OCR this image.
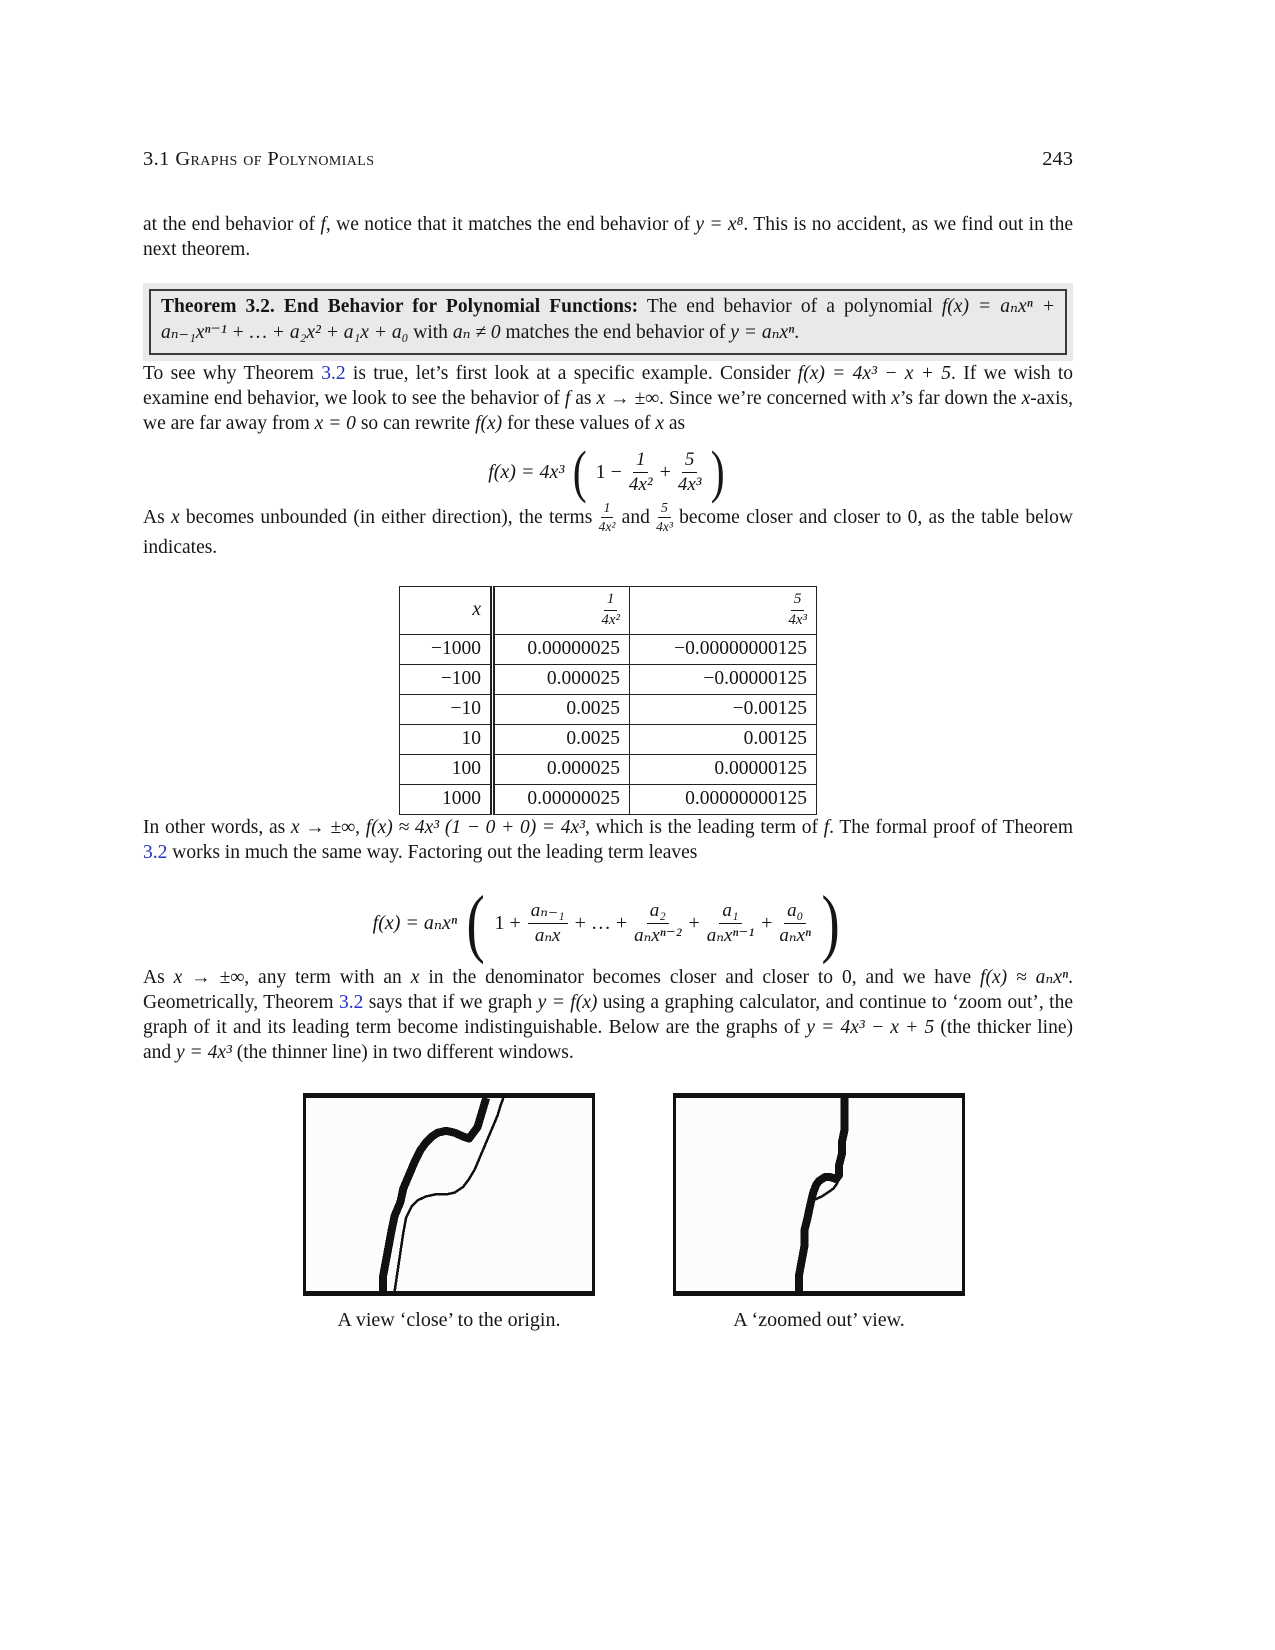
3.1 Graphs of Polynomials	243

at the end behavior of f, we notice that it matches the end behavior of y = x⁸. This is no accident, as we find out in the next theorem.

Theorem 3.2. End Behavior for Polynomial Functions: The end behavior of a polynomial f(x) = aₙxⁿ + aₙ₋₁xⁿ⁻¹ + … + a₂x² + a₁x + a₀ with aₙ ≠ 0 matches the end behavior of y = aₙxⁿ.

To see why Theorem 3.2 is true, let’s first look at a specific example. Consider f(x) = 4x³ − x + 5. If we wish to examine end behavior, we look to see the behavior of f as x → ±∞. Since we’re concerned with x’s far down the x-axis, we are far away from x = 0 so can rewrite f(x) for these values of x as

f(x) = 4x³ ( $1 - \frac{1}{\text{4x²}} + \frac{5}{\text{4x³}}$ )

As x becomes unbounded (in either direction), the terms $\frac{1}{\text{4x²}}$ and $\frac{5}{\text{4x³}}$ become closer and closer to 0, as the table below indicates.

x	$\frac{1}{\text{4x²}}$	$\frac{5}{\text{4x³}}$

−1000	0.00000025	−0.00000000125
−100	0.000025	−0.00000125
−10	0.0025	−0.00125
10	0.0025	0.00125
100	0.000025	0.00000125
1000	0.00000025	0.00000000125

In other words, as x → ±∞, f(x) ≈ 4x³ (1 − 0 + 0) = 4x³, which is the leading term of f. The formal proof of Theorem 3.2 works in much the same way. Factoring out the leading term leaves

f(x) = aₙxⁿ ( $1 + \frac{\text{aₙ₋₁}}{\text{aₙx}}$ + … + $\frac{\text{a₂}}{\text{aₙxⁿ⁻²}} + \frac{\text{a₁}}{\text{aₙxⁿ⁻¹}} + \frac{\text{a₀}}{\text{aₙxⁿ}}$ )

As x → ±∞, any term with an x in the denominator becomes closer and closer to 0, and we have f(x) ≈ aₙxⁿ. Geometrically, Theorem 3.2 says that if we graph y = f(x) using a graphing calculator, and continue to ‘zoom out’, the graph of it and its leading term become indistinguishable. Below are the graphs of y = 4x³ − x + 5 (the thicker line) and y = 4x³ (the thinner line) in two different windows.

A view ‘close’ to the origin.	A ‘zoomed out’ view.
